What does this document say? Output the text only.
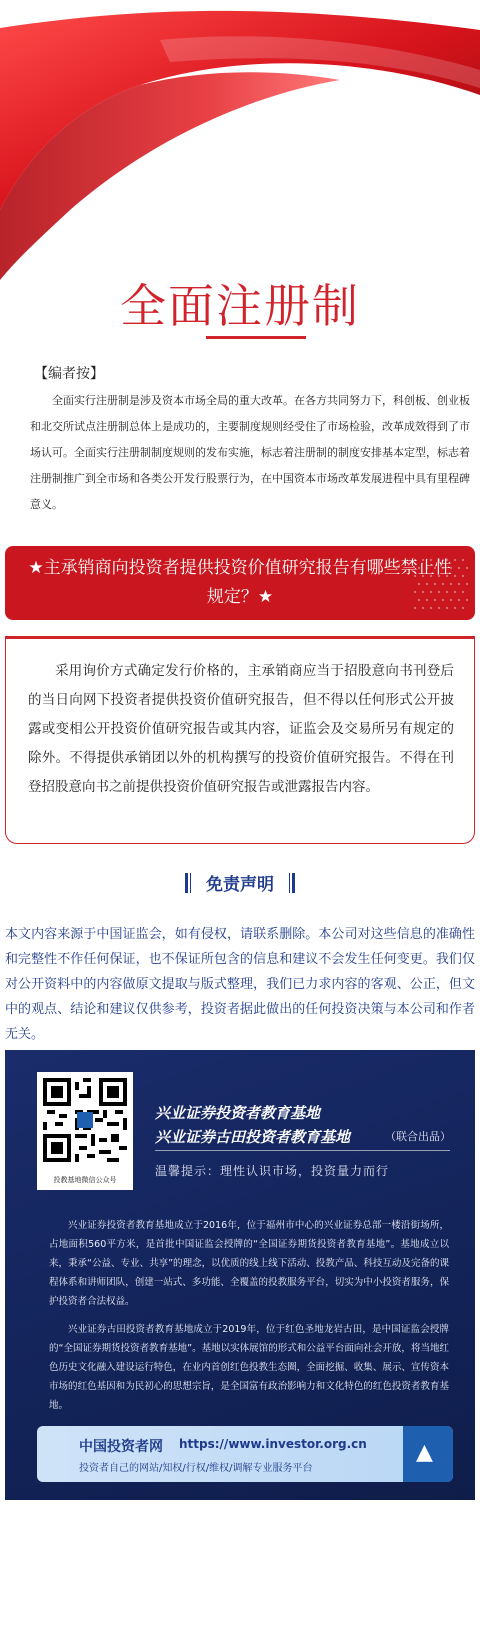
全面注册制
【编者按】

全面实行注册制是涉及资本市场全局的重大改革。在各方共同努力下，科创板、创业板和北交所试点注册制总体上是成功的，主要制度规则经受住了市场检验，改革成效得到了市场认可。全面实行注册制制度规则的发布实施，标志着注册制的制度安排基本定型，标志着注册制推广到全市场和各类公开发行股票行为，在中国资本市场改革发展进程中具有里程碑意义。

★主承销商向投资者提供投资价值研究报告有哪些禁止性规定？★

采用询价方式确定发行价格的，主承销商应当于招股意向书刊登后的当日向网下投资者提供投资价值研究报告，但不得以任何形式公开披露或变相公开投资价值研究报告或其内容，证监会及交易所另有规定的除外。不得提供承销团以外的机构撰写的投资价值研究报告。不得在刊登招股意向书之前提供投资价值研究报告或泄露报告内容。

免责声明

本文内容来源于中国证监会，如有侵权，请联系删除。本公司对这些信息的准确性和完整性不作任何保证，也不保证所包含的信息和建议不会发生任何变更。我们仅对公开资料中的内容做原文提取与版式整理，我们已力求内容的客观、公正，但文中的观点、结论和建议仅供参考，投资者据此做出的任何投资决策与本公司和作者无关。

投教基地微信公众号
兴业证券投资者教育基地
兴业证券古田投资者教育基地	（联合出品）
温馨提示：理性认识市场，投资量力而行

兴业证券投资者教育基地成立于2016年，位于福州市中心的兴业证券总部一楼沿街场所，占地面积560平方米，是首批中国证监会授牌的“全国证券期货投资者教育基地”。基地成立以来，秉承“公益、专业、共享”的理念，以优质的线上线下活动、投教产品、科技互动及完备的课程体系和讲师团队，创建一站式、多功能、全覆盖的投教服务平台，切实为中小投资者服务，保护投资者合法权益。

兴业证券古田投资者教育基地成立于2019年，位于红色圣地龙岩古田，是中国证监会授牌的“全国证券期货投资者教育基地”。基地以实体展馆的形式和公益平台面向社会开放，将当地红色历史文化融入建设运行特色，在业内首创红色投教生态圈，全面挖掘、收集、展示、宣传资本市场的红色基因和为民初心的思想宗旨，是全国富有政治影响力和文化特色的红色投资者教育基地。

中国投资者网 https://www.investor.org.cn
投资者自己的网站/知权/行权/维权/调解专业服务平台
▲
